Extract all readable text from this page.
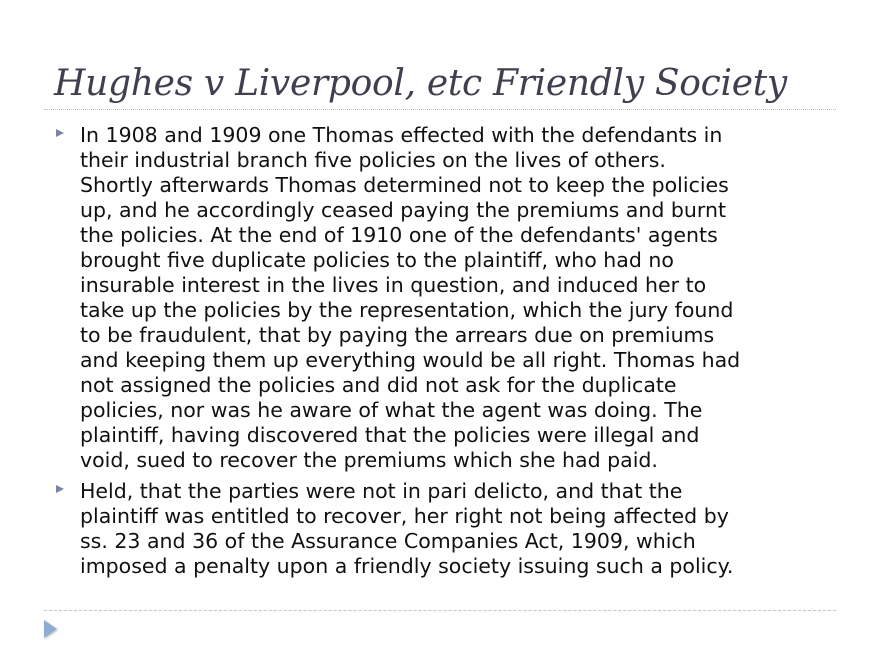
Hughes v Liverpool, etc Friendly Society
In 1908 and 1909 one Thomas effected with the defendants in
their industrial branch five policies on the lives of others.
Shortly afterwards Thomas determined not to keep the policies
up, and he accordingly ceased paying the premiums and burnt
the policies. At the end of 1910 one of the defendants' agents
brought five duplicate policies to the plaintiff, who had no
insurable interest in the lives in question, and induced her to
take up the policies by the representation, which the jury found
to be fraudulent, that by paying the arrears due on premiums
and keeping them up everything would be all right. Thomas had
not assigned the policies and did not ask for the duplicate
policies, nor was he aware of what the agent was doing. The
plaintiff, having discovered that the policies were illegal and
void, sued to recover the premiums which she had paid.
Held, that the parties were not in pari delicto, and that the
plaintiff was entitled to recover, her right not being affected by
ss. 23 and 36 of the Assurance Companies Act, 1909, which
imposed a penalty upon a friendly society issuing such a policy.
